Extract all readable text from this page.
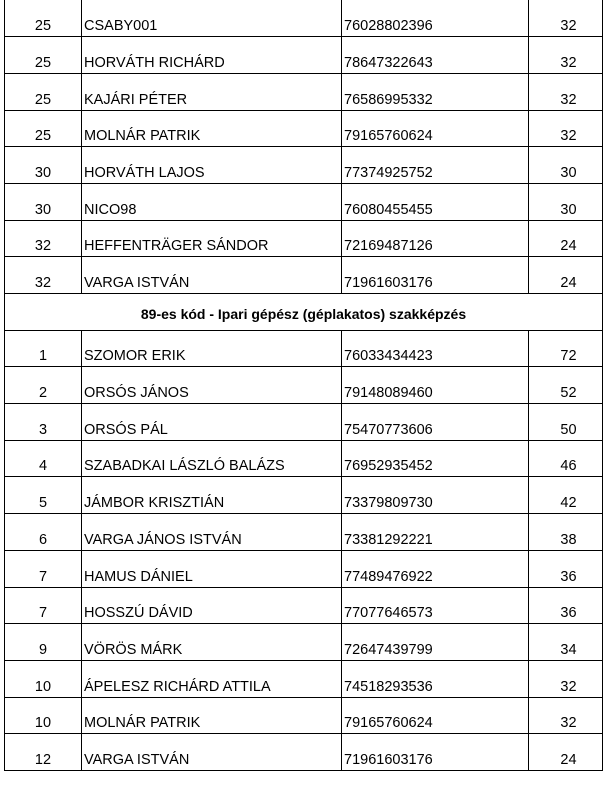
25	CSABY001	76028802396	32
25	HORVÁTH RICHÁRD	78647322643	32
25	KAJÁRI PÉTER	76586995332	32
25	MOLNÁR PATRIK	79165760624	32
30	HORVÁTH LAJOS	77374925752	30
30	NICO98	76080455455	30
32	HEFFENTRÄGER SÁNDOR	72169487126	24
32	VARGA ISTVÁN	71961603176	24
89-es kód - Ipari gépész (géplakatos) szakképzés			
1	SZOMOR ERIK	76033434423	72
2	ORSÓS JÁNOS	79148089460	52
3	ORSÓS PÁL	75470773606	50
4	SZABADKAI LÁSZLÓ BALÁZS	76952935452	46
5	JÁMBOR KRISZTIÁN	73379809730	42
6	VARGA JÁNOS ISTVÁN	73381292221	38
7	HAMUS DÁNIEL	77489476922	36
7	HOSSZÚ DÁVID	77077646573	36
9	VÖRÖS MÁRK	72647439799	34
10	ÁPELESZ RICHÁRD ATTILA	74518293536	32
10	MOLNÁR PATRIK	79165760624	32
12	VARGA ISTVÁN	71961603176	24
